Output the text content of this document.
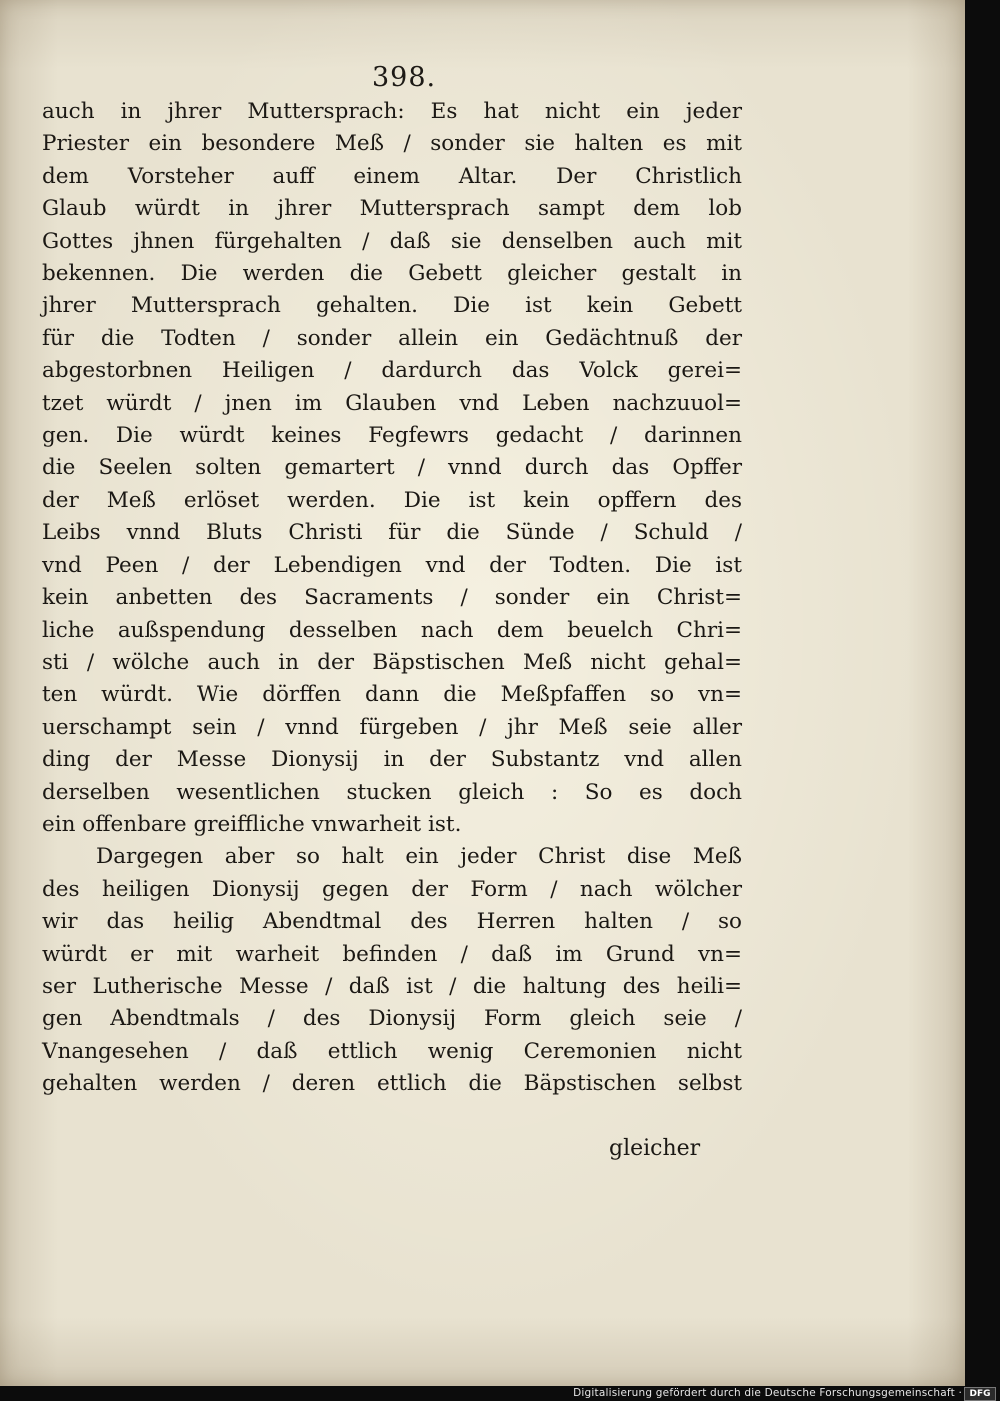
398.
auch in jhrer Muttersprach: Es hat nicht ein jeder
Priester ein besondere Meß / sonder sie halten es mit
dem Vorsteher auff einem Altar. Der Christlich
Glaub würdt in jhrer Muttersprach sampt dem lob
Gottes jhnen fürgehalten / daß sie denselben auch mit
bekennen. Die werden die Gebett gleicher gestalt in
jhrer Muttersprach gehalten. Die ist kein Gebett
für die Todten / sonder allein ein Gedächtnuß der
abgestorbnen Heiligen / dardurch das Volck gerei=
tzet würdt / jnen im Glauben vnd Leben nachzuuol=
gen. Die würdt keines Fegfewrs gedacht / darinnen
die Seelen solten gemartert / vnnd durch das Opffer
der Meß erlöset werden. Die ist kein opffern des
Leibs vnnd Bluts Christi für die Sünde / Schuld /
vnd Peen / der Lebendigen vnd der Todten. Die ist
kein anbetten des Sacraments / sonder ein Christ=
liche außspendung desselben nach dem beuelch Chri=
sti / wölche auch in der Bäpstischen Meß nicht gehal=
ten würdt. Wie dörffen dann die Meßpfaffen so vn=
uerschampt sein / vnnd fürgeben / jhr Meß seie aller
ding der Messe Dionysij in der Substantz vnd allen
derselben wesentlichen stucken gleich : So es doch
ein offenbare greiffliche vnwarheit ist.
Dargegen aber so halt ein jeder Christ dise Meß
des heiligen Dionysij gegen der Form / nach wölcher
wir das heilig Abendtmal des Herren halten / so
würdt er mit warheit befinden / daß im Grund vn=
ser Lutherische Messe / daß ist / die haltung des heili=
gen Abendtmals / des Dionysij Form gleich seie /
Vnangesehen / daß ettlich wenig Ceremonien nicht
gehalten werden / deren ettlich die Bäpstischen selbst
gleicher
Digitalisierung gefördert durch die Deutsche Forschungsgemeinschaft · DFG
